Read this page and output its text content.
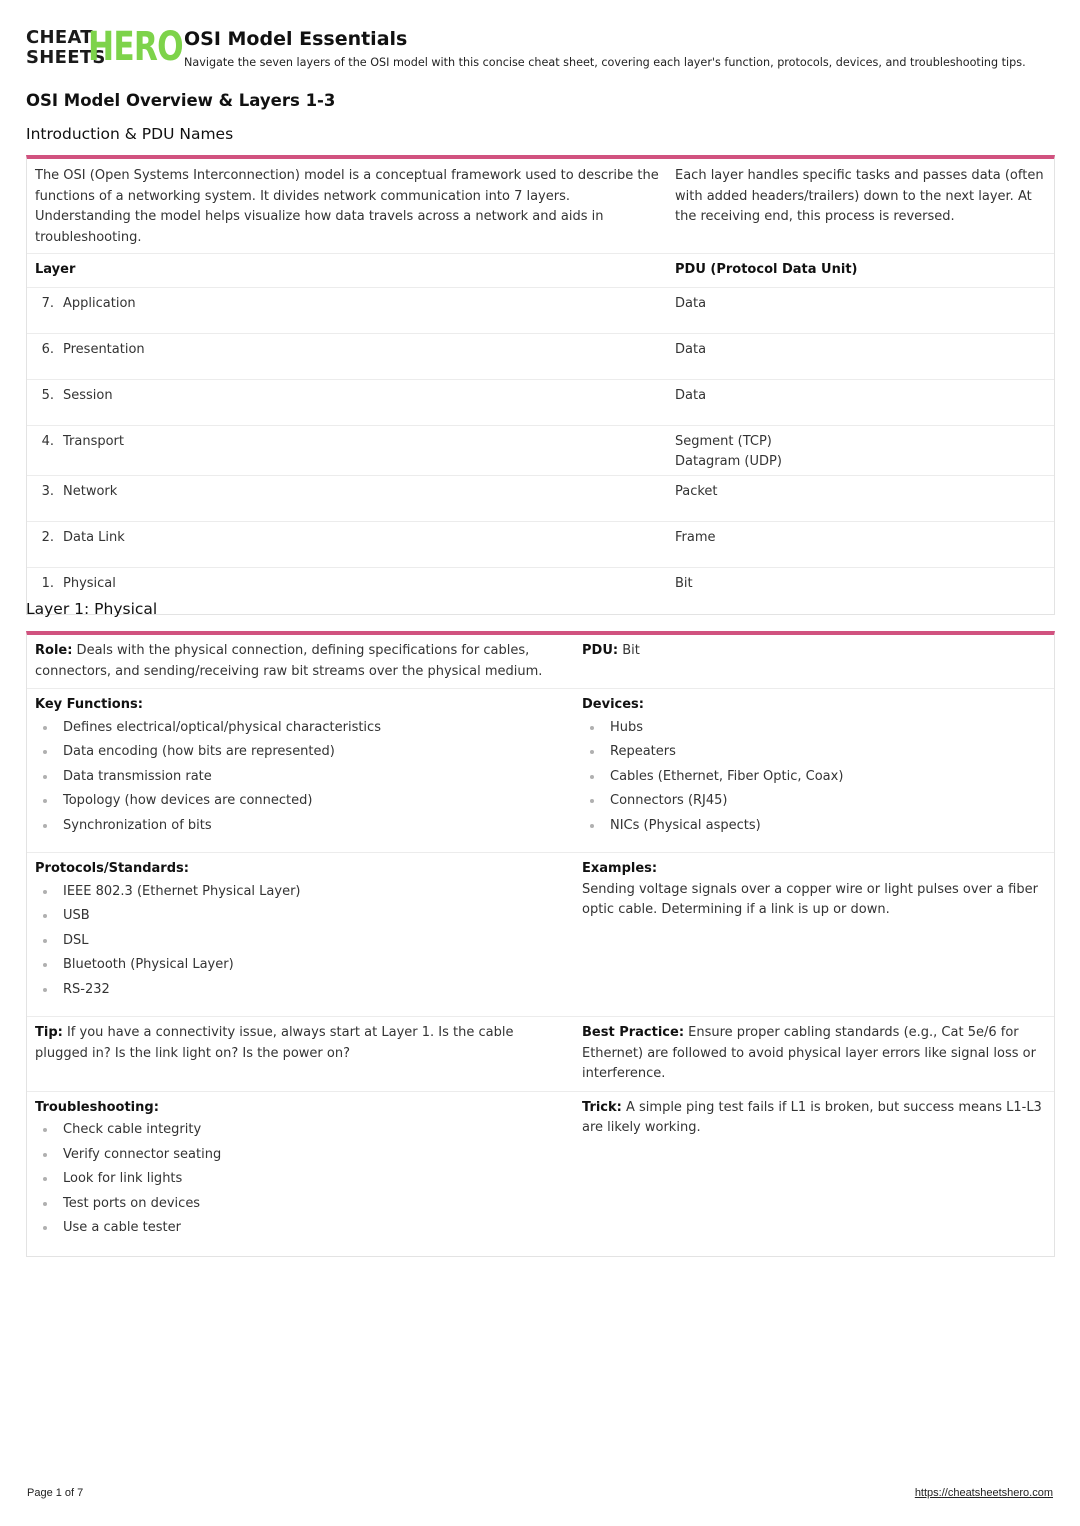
CHEAT
SHEETS
HERO OSI Model Essentials
Navigate the seven layers of the OSI model with this concise cheat sheet, covering each layer's function, protocols, devices, and troubleshooting tips.
OSI Model Overview & Layers 1-3
Introduction & PDU Names
The OSI (Open Systems Interconnection) model is a conceptual framework used to describe the functions of a networking system. It divides network communication into 7 layers. Understanding the model helps visualize how data travels across a network and aids in troubleshooting.
Each layer handles specific tasks and passes data (often with added headers/trailers) down to the next layer. At the receiving end, this process is reversed.
Layer	PDU (Protocol Data Unit)
7. Application	Data
6. Presentation	Data
5. Session	Data
4. Transport	Segment (TCP)
Datagram (UDP)
3. Network	Packet
2. Data Link	Frame
1. Physical	Bit
Layer 1: Physical
Role: Deals with the physical connection, defining specifications for cables, connectors, and sending/receiving raw bit streams over the physical medium.
PDU: Bit
Key Functions:
Defines electrical/optical/physical characteristics
Data encoding (how bits are represented)
Data transmission rate
Topology (how devices are connected)
Synchronization of bits
Devices:
Hubs
Repeaters
Cables (Ethernet, Fiber Optic, Coax)
Connectors (RJ45)
NICs (Physical aspects)
Protocols/Standards:
IEEE 802.3 (Ethernet Physical Layer)
USB
DSL
Bluetooth (Physical Layer)
RS-232
Examples:
Sending voltage signals over a copper wire or light pulses over a fiber optic cable. Determining if a link is up or down.
Tip: If you have a connectivity issue, always start at Layer 1. Is the cable plugged in? Is the link light on? Is the power on?
Best Practice: Ensure proper cabling standards (e.g., Cat 5e/6 for Ethernet) are followed to avoid physical layer errors like signal loss or interference.
Troubleshooting:
Check cable integrity
Verify connector seating
Look for link lights
Test ports on devices
Use a cable tester
Trick: A simple ping test fails if L1 is broken, but success means L1-L3 are likely working.
Page 1 of 7	https://cheatsheetshero.com
